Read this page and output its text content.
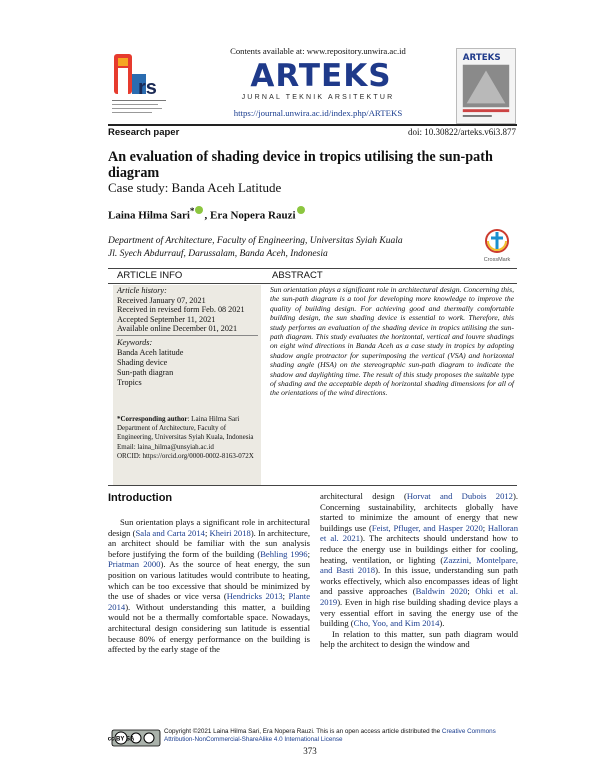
rs
Contents available at: www.repository.unwira.ac.id
ARTEKS
JURNAL TEKNIK ARSITEKTUR
https://journal.unwira.ac.id/index.php/ARTEKS
ARTEKS
Research paper	doi: 10.30822/arteks.v6i3.877
An evaluation of shading device in tropics utilising the sun-path diagram
Case study: Banda Aceh Latitude
Laina Hilma Sari* , Era Nopera Rauzi
Department of Architecture, Faculty of Engineering, Universitas Syiah Kuala
Jl. Syech Abdurrauf, Darussalam, Banda Aceh, Indonesia
CrossMark
ARTICLE INFO	ABSTRACT
Article history:
Received January 07, 2021
Received in revised form Feb. 08 2021
Accepted September 11, 2021
Available online December 01, 2021
Keywords:
Banda Aceh latitude
Shading device
Sun-path diagran
Tropics
*Corresponding author: Laina Hilma Sari Department of Architecture, Faculty of Engineering, Universitas Syiah Kuala, Indonesia
Email: laina_hilma@unsyiah.ac.id
ORCID: https://orcid.org/0000-0002-8163-072X
Sun orientation plays a significant role in architectural design. Concerning this, the sun-path diagram is a tool for developing more knowledge to improve the quality of building design. For achieving good and thermally comfortable building design, the sun shading device is essential to work. Therefore, this study performs an evaluation of the shading device in tropics utilising the sun-path diagram. This study evaluates the horizontal, vertical and louvre shadings on eight wind directions in Banda Aceh as a case study in tropics by adopting shadow angle protractor for superimposing the vertical (VSA) and horizontal shading angle (HSA) on the stereographic sun-path diagram to indicate the shadow and daylighting time. The result of this study proposes the suitable type of shading and the acceptable depth of horizontal shading dimensions for all of the orientations of the wind directions.
Introduction
Sun orientation plays a significant role in architectural design (Sala and Carta 2014; Kheiri 2018). In architecture, an architect should be familiar with the sun analysis before justifying the form of the building (Behling 1996; Priatman 2000). As the source of heat energy, the sun position on various latitudes would contribute to heating, which can be too excessive that should be minimized by the use of shades or vice versa (Hendricks 2013; Plante 2014). Without understanding this matter, a building would not be a thermally comfortable space. Nowadays, architectural design considering sun latitude is essential because 80% of energy performance on the building is affected by the early stage of the
architectural design (Horvat and Dubois 2012). Concerning sustainability, architects globally have started to minimize the amount of energy that new buildings use (Feist, Pfluger, and Hasper 2020; Halloran et al. 2021). The architects should understand how to reduce the energy use in buildings either for cooling, heating, ventilation, or lighting (Zazzini, Montelpare, and Basti 2018). In this issue, understanding sun path works effectively, which also encompasses ideas of light and passive approaches (Baldwin 2020; Ohki et al. 2019). Even in high rise building shading device plays a very essential effort in saving the energy use of the building (Cho, Yoo, and Kim 2014).
In relation to this matter, sun path diagram would help the architect to design the window and
cc BY SA
Copyright ©2021 Laina Hilma Sari, Era Nopera Rauzi. This is an open access article distributed the Creative Commons Attribution-NonCommercial-ShareAlike 4.0 International License
373
